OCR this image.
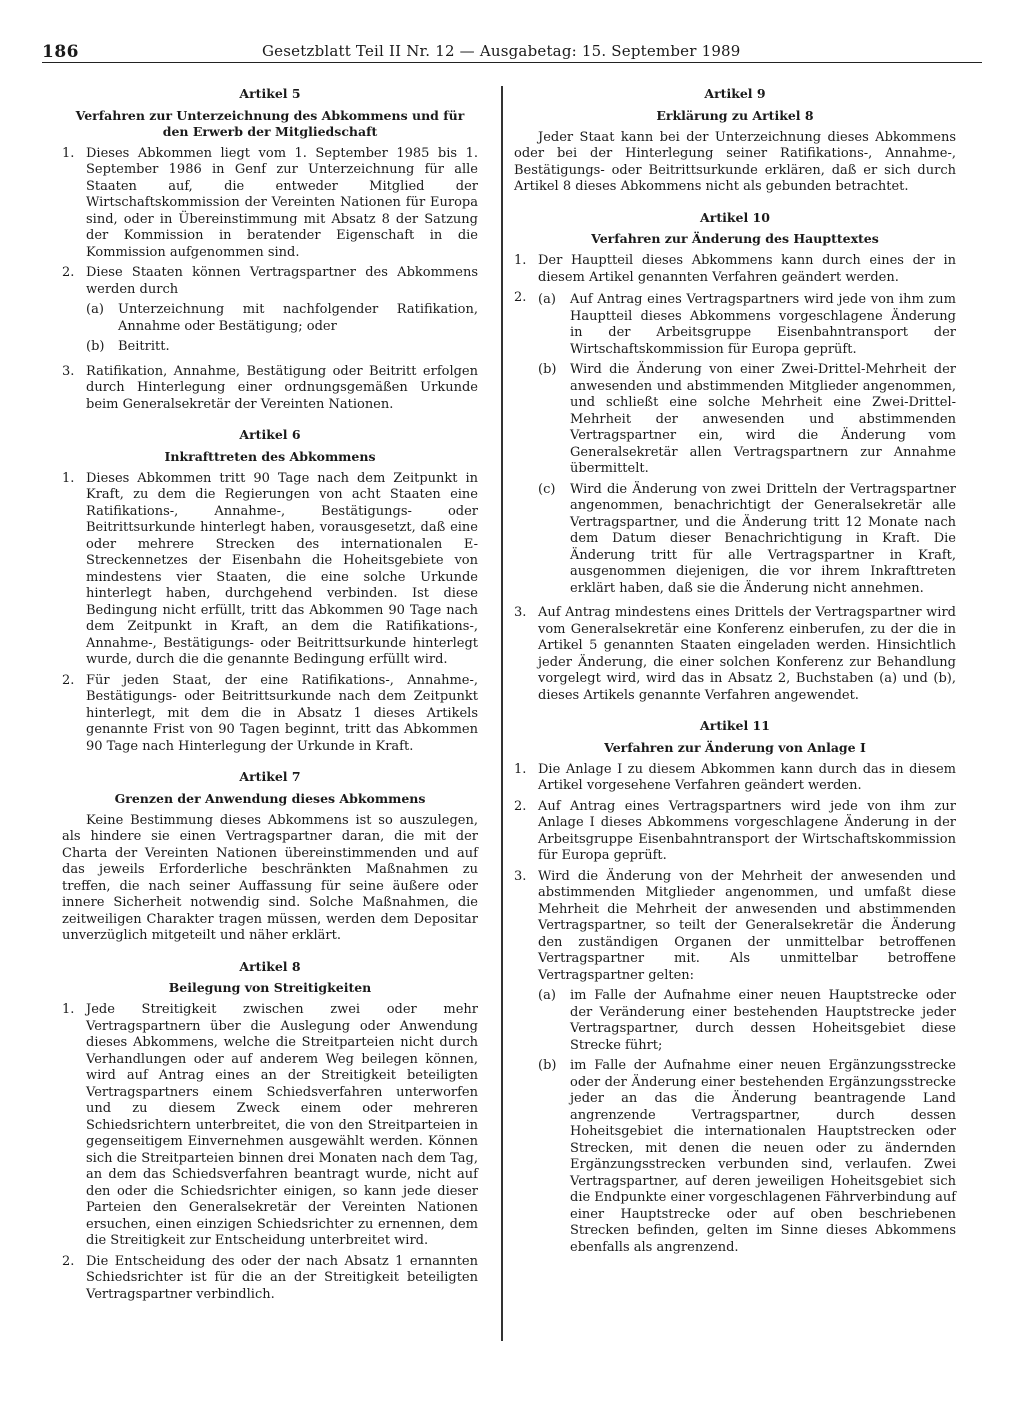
186	Gesetzblatt Teil II Nr. 12 — Ausgabetag: 15. September 1989
Artikel 5
Verfahren zur Unterzeichnung des Abkommens und für den Erwerb der Mitgliedschaft
1. Dieses Abkommen liegt vom 1. September 1985 bis 1. September 1986 in Genf zur Unterzeichnung für alle Staaten auf, die entweder Mitglied der Wirtschaftskommission der Vereinten Nationen für Europa sind, oder in Übereinstimmung mit Absatz 8 der Satzung der Kommission in beratender Eigenschaft in die Kommission aufgenommen sind.
2. Diese Staaten können Vertragspartner des Abkommens werden durch
(a)	Unterzeichnung mit nachfolgender Ratifikation, Annahme oder Bestätigung; oder
(b)	Beitritt.
3. Ratifikation, Annahme, Bestätigung oder Beitritt erfolgen durch Hinterlegung einer ordnungsgemäßen Urkunde beim Generalsekretär der Vereinten Nationen.
Artikel 6
Inkrafttreten des Abkommens
1. Dieses Abkommen tritt 90 Tage nach dem Zeitpunkt in Kraft, zu dem die Regierungen von acht Staaten eine Ratifikations-, Annahme-, Bestätigungs- oder Beitrittsurkunde hinterlegt haben, vorausgesetzt, daß eine oder mehrere Strecken des internationalen E-Streckennetzes der Eisenbahn die Hoheitsgebiete von mindestens vier Staaten, die eine solche Urkunde hinterlegt haben, durchgehend verbinden. Ist diese Bedingung nicht erfüllt, tritt das Abkommen 90 Tage nach dem Zeitpunkt in Kraft, an dem die Ratifikations-, Annahme-, Bestätigungs- oder Beitrittsurkunde hinterlegt wurde, durch die die genannte Bedingung erfüllt wird.
2. Für jeden Staat, der eine Ratifikations-, Annahme-, Bestätigungs- oder Beitrittsurkunde nach dem Zeitpunkt hinterlegt, mit dem die in Absatz 1 dieses Artikels genannte Frist von 90 Tagen beginnt, tritt das Abkommen 90 Tage nach Hinterlegung der Urkunde in Kraft.
Artikel 7
Grenzen der Anwendung dieses Abkommens
Keine Bestimmung dieses Abkommens ist so auszulegen, als hindere sie einen Vertragspartner daran, die mit der Charta der Vereinten Nationen übereinstimmenden und auf das jeweils Erforderliche beschränkten Maßnahmen zu treffen, die nach seiner Auffassung für seine äußere oder innere Sicherheit notwendig sind. Solche Maßnahmen, die zeitweiligen Charakter tragen müssen, werden dem Depositar unverzüglich mitgeteilt und näher erklärt.
Artikel 8
Beilegung von Streitigkeiten
1. Jede Streitigkeit zwischen zwei oder mehr Vertragspartnern über die Auslegung oder Anwendung dieses Abkommens, welche die Streitparteien nicht durch Verhandlungen oder auf anderem Weg beilegen können, wird auf Antrag eines an der Streitigkeit beteiligten Vertragspartners einem Schiedsverfahren unterworfen und zu diesem Zweck einem oder mehreren Schiedsrichtern unterbreitet, die von den Streitparteien in gegenseitigem Einvernehmen ausgewählt werden. Können sich die Streitparteien binnen drei Monaten nach dem Tag, an dem das Schiedsverfahren beantragt wurde, nicht auf den oder die Schiedsrichter einigen, so kann jede dieser Parteien den Generalsekretär der Vereinten Nationen ersuchen, einen einzigen Schiedsrichter zu ernennen, dem die Streitigkeit zur Entscheidung unterbreitet wird.
2. Die Entscheidung des oder der nach Absatz 1 ernannten Schiedsrichter ist für die an der Streitigkeit beteiligten Vertragspartner verbindlich.
Artikel 9
Erklärung zu Artikel 8
Jeder Staat kann bei der Unterzeichnung dieses Abkommens oder bei der Hinterlegung seiner Ratifikations-, Annahme-, Bestätigungs- oder Beitrittsurkunde erklären, daß er sich durch Artikel 8 dieses Abkommens nicht als gebunden betrachtet.
Artikel 10
Verfahren zur Änderung des Haupttextes
1. Der Hauptteil dieses Abkommens kann durch eines der in diesem Artikel genannten Verfahren geändert werden.
2. (a)	Auf Antrag eines Vertragspartners wird jede von ihm zum Hauptteil dieses Abkommens vorgeschlagene Änderung in der Arbeitsgruppe Eisenbahntransport der Wirtschaftskommission für Europa geprüft.
(b)	Wird die Änderung von einer Zwei-Drittel-Mehrheit der anwesenden und abstimmenden Mitglieder angenommen, und schließt eine solche Mehrheit eine Zwei-Drittel-Mehrheit der anwesenden und abstimmenden Vertragspartner ein, wird die Änderung vom Generalsekretär allen Vertragspartnern zur Annahme übermittelt.
(c)	Wird die Änderung von zwei Dritteln der Vertragspartner angenommen, benachrichtigt der Generalsekretär alle Vertragspartner, und die Änderung tritt 12 Monate nach dem Datum dieser Benachrichtigung in Kraft. Die Änderung tritt für alle Vertragspartner in Kraft, ausgenommen diejenigen, die vor ihrem Inkrafttreten erklärt haben, daß sie die Änderung nicht annehmen.
3. Auf Antrag mindestens eines Drittels der Vertragspartner wird vom Generalsekretär eine Konferenz einberufen, zu der die in Artikel 5 genannten Staaten eingeladen werden. Hinsichtlich jeder Änderung, die einer solchen Konferenz zur Behandlung vorgelegt wird, wird das in Absatz 2, Buchstaben (a) und (b), dieses Artikels genannte Verfahren angewendet.
Artikel 11
Verfahren zur Änderung von Anlage I
1. Die Anlage I zu diesem Abkommen kann durch das in diesem Artikel vorgesehene Verfahren geändert werden.
2. Auf Antrag eines Vertragspartners wird jede von ihm zur Anlage I dieses Abkommens vorgeschlagene Änderung in der Arbeitsgruppe Eisenbahntransport der Wirtschaftskommission für Europa geprüft.
3. Wird die Änderung von der Mehrheit der anwesenden und abstimmenden Mitglieder angenommen, und umfaßt diese Mehrheit die Mehrheit der anwesenden und abstimmenden Vertragspartner, so teilt der Generalsekretär die Änderung den zuständigen Organen der unmittelbar betroffenen Vertragspartner mit. Als unmittelbar betroffene Vertragspartner gelten:
(a)	im Falle der Aufnahme einer neuen Hauptstrecke oder der Veränderung einer bestehenden Hauptstrecke jeder Vertragspartner, durch dessen Hoheitsgebiet diese Strecke führt;
(b)	im Falle der Aufnahme einer neuen Ergänzungsstrecke oder der Änderung einer bestehenden Ergänzungsstrecke jeder an das die Änderung beantragende Land angrenzende Vertragspartner, durch dessen Hoheitsgebiet die internationalen Hauptstrecken oder Strecken, mit denen die neuen oder zu ändernden Ergänzungsstrecken verbunden sind, verlaufen. Zwei Vertragspartner, auf deren jeweiligen Hoheitsgebiet sich die Endpunkte einer vorgeschlagenen Fährverbindung auf einer Hauptstrecke oder auf oben beschriebenen Strecken befinden, gelten im Sinne dieses Abkommens ebenfalls als angrenzend.
